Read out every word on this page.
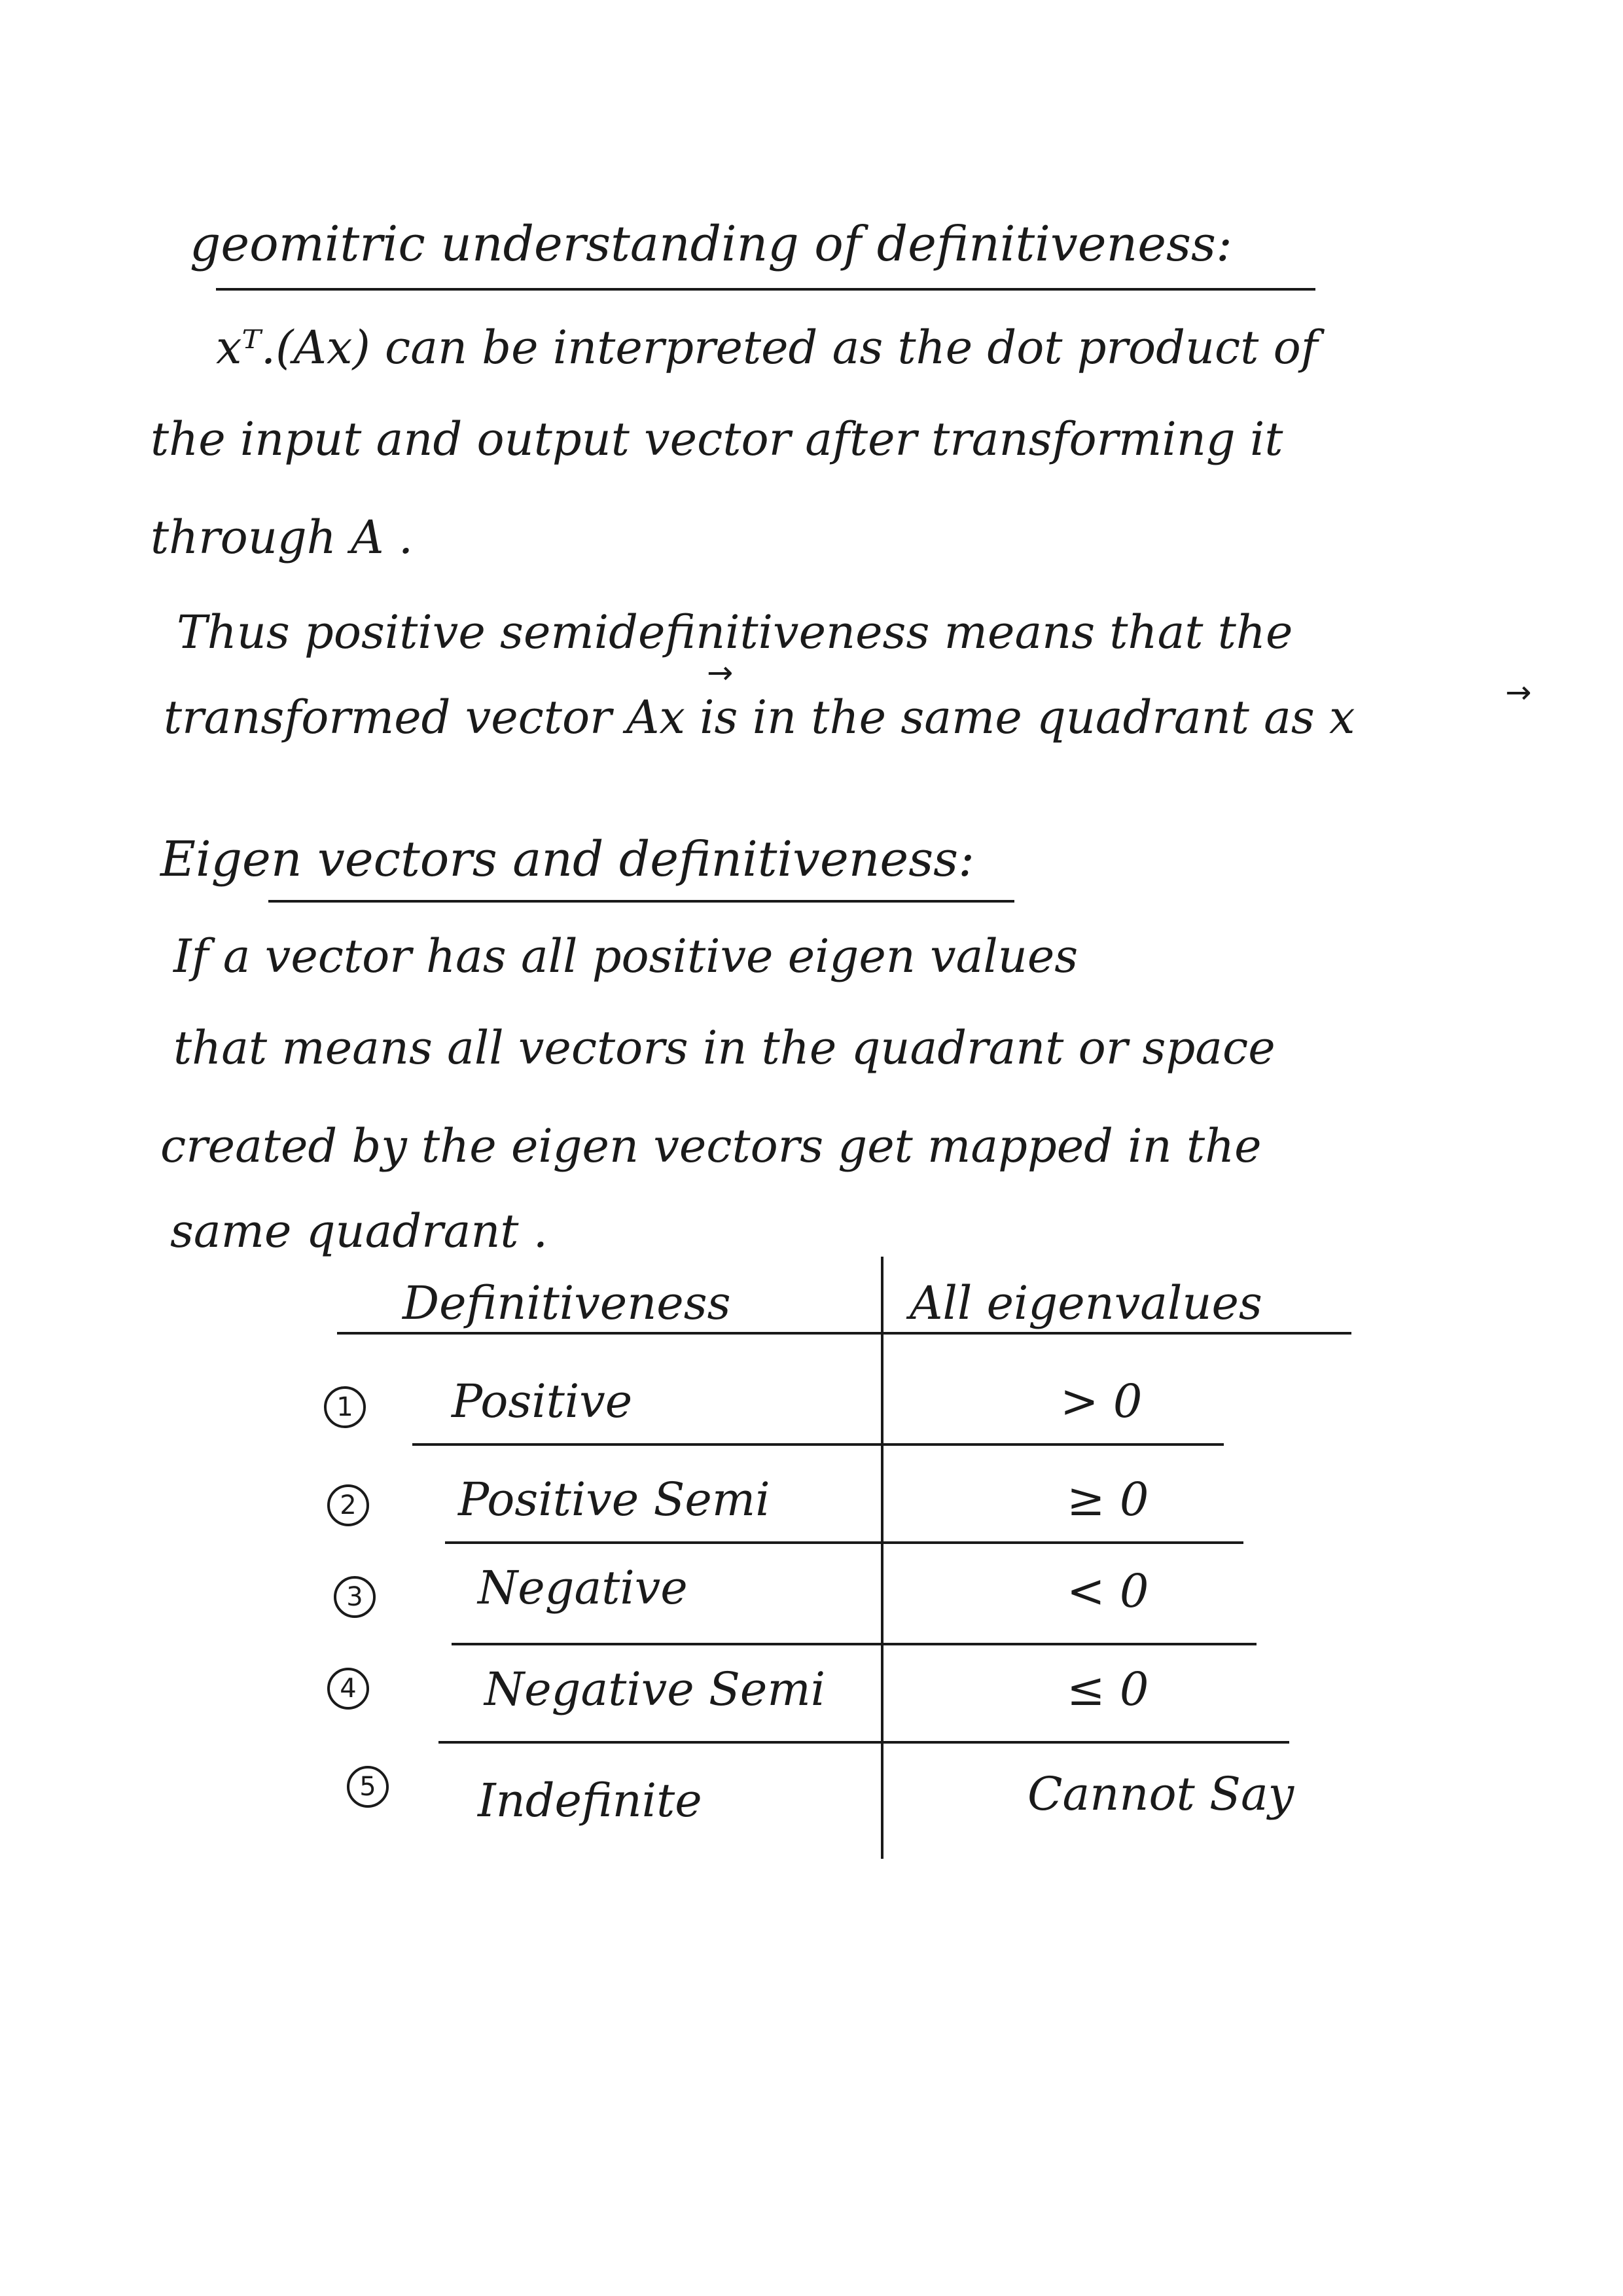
geomitric understanding of definitiveness:
xᵀ.(Ax) can be interpreted as the dot product of
the input and output vector after transforming it
through A .
Thus positive semidefinitiveness means that the
→
transformed vector Ax is in the same quadrant as x	→
Eigen vectors and definitiveness:
If a vector has all positive eigen values
that means all vectors in the quadrant or space
created by the eigen vectors get mapped in the
same quadrant .
Definitiveness	All eigenvalues
1 Positive	> 0
2 Positive Semi	≥ 0
3	Negative	< 0
4	Negative Semi	≤ 0
5 Indefinite	Cannot Say
